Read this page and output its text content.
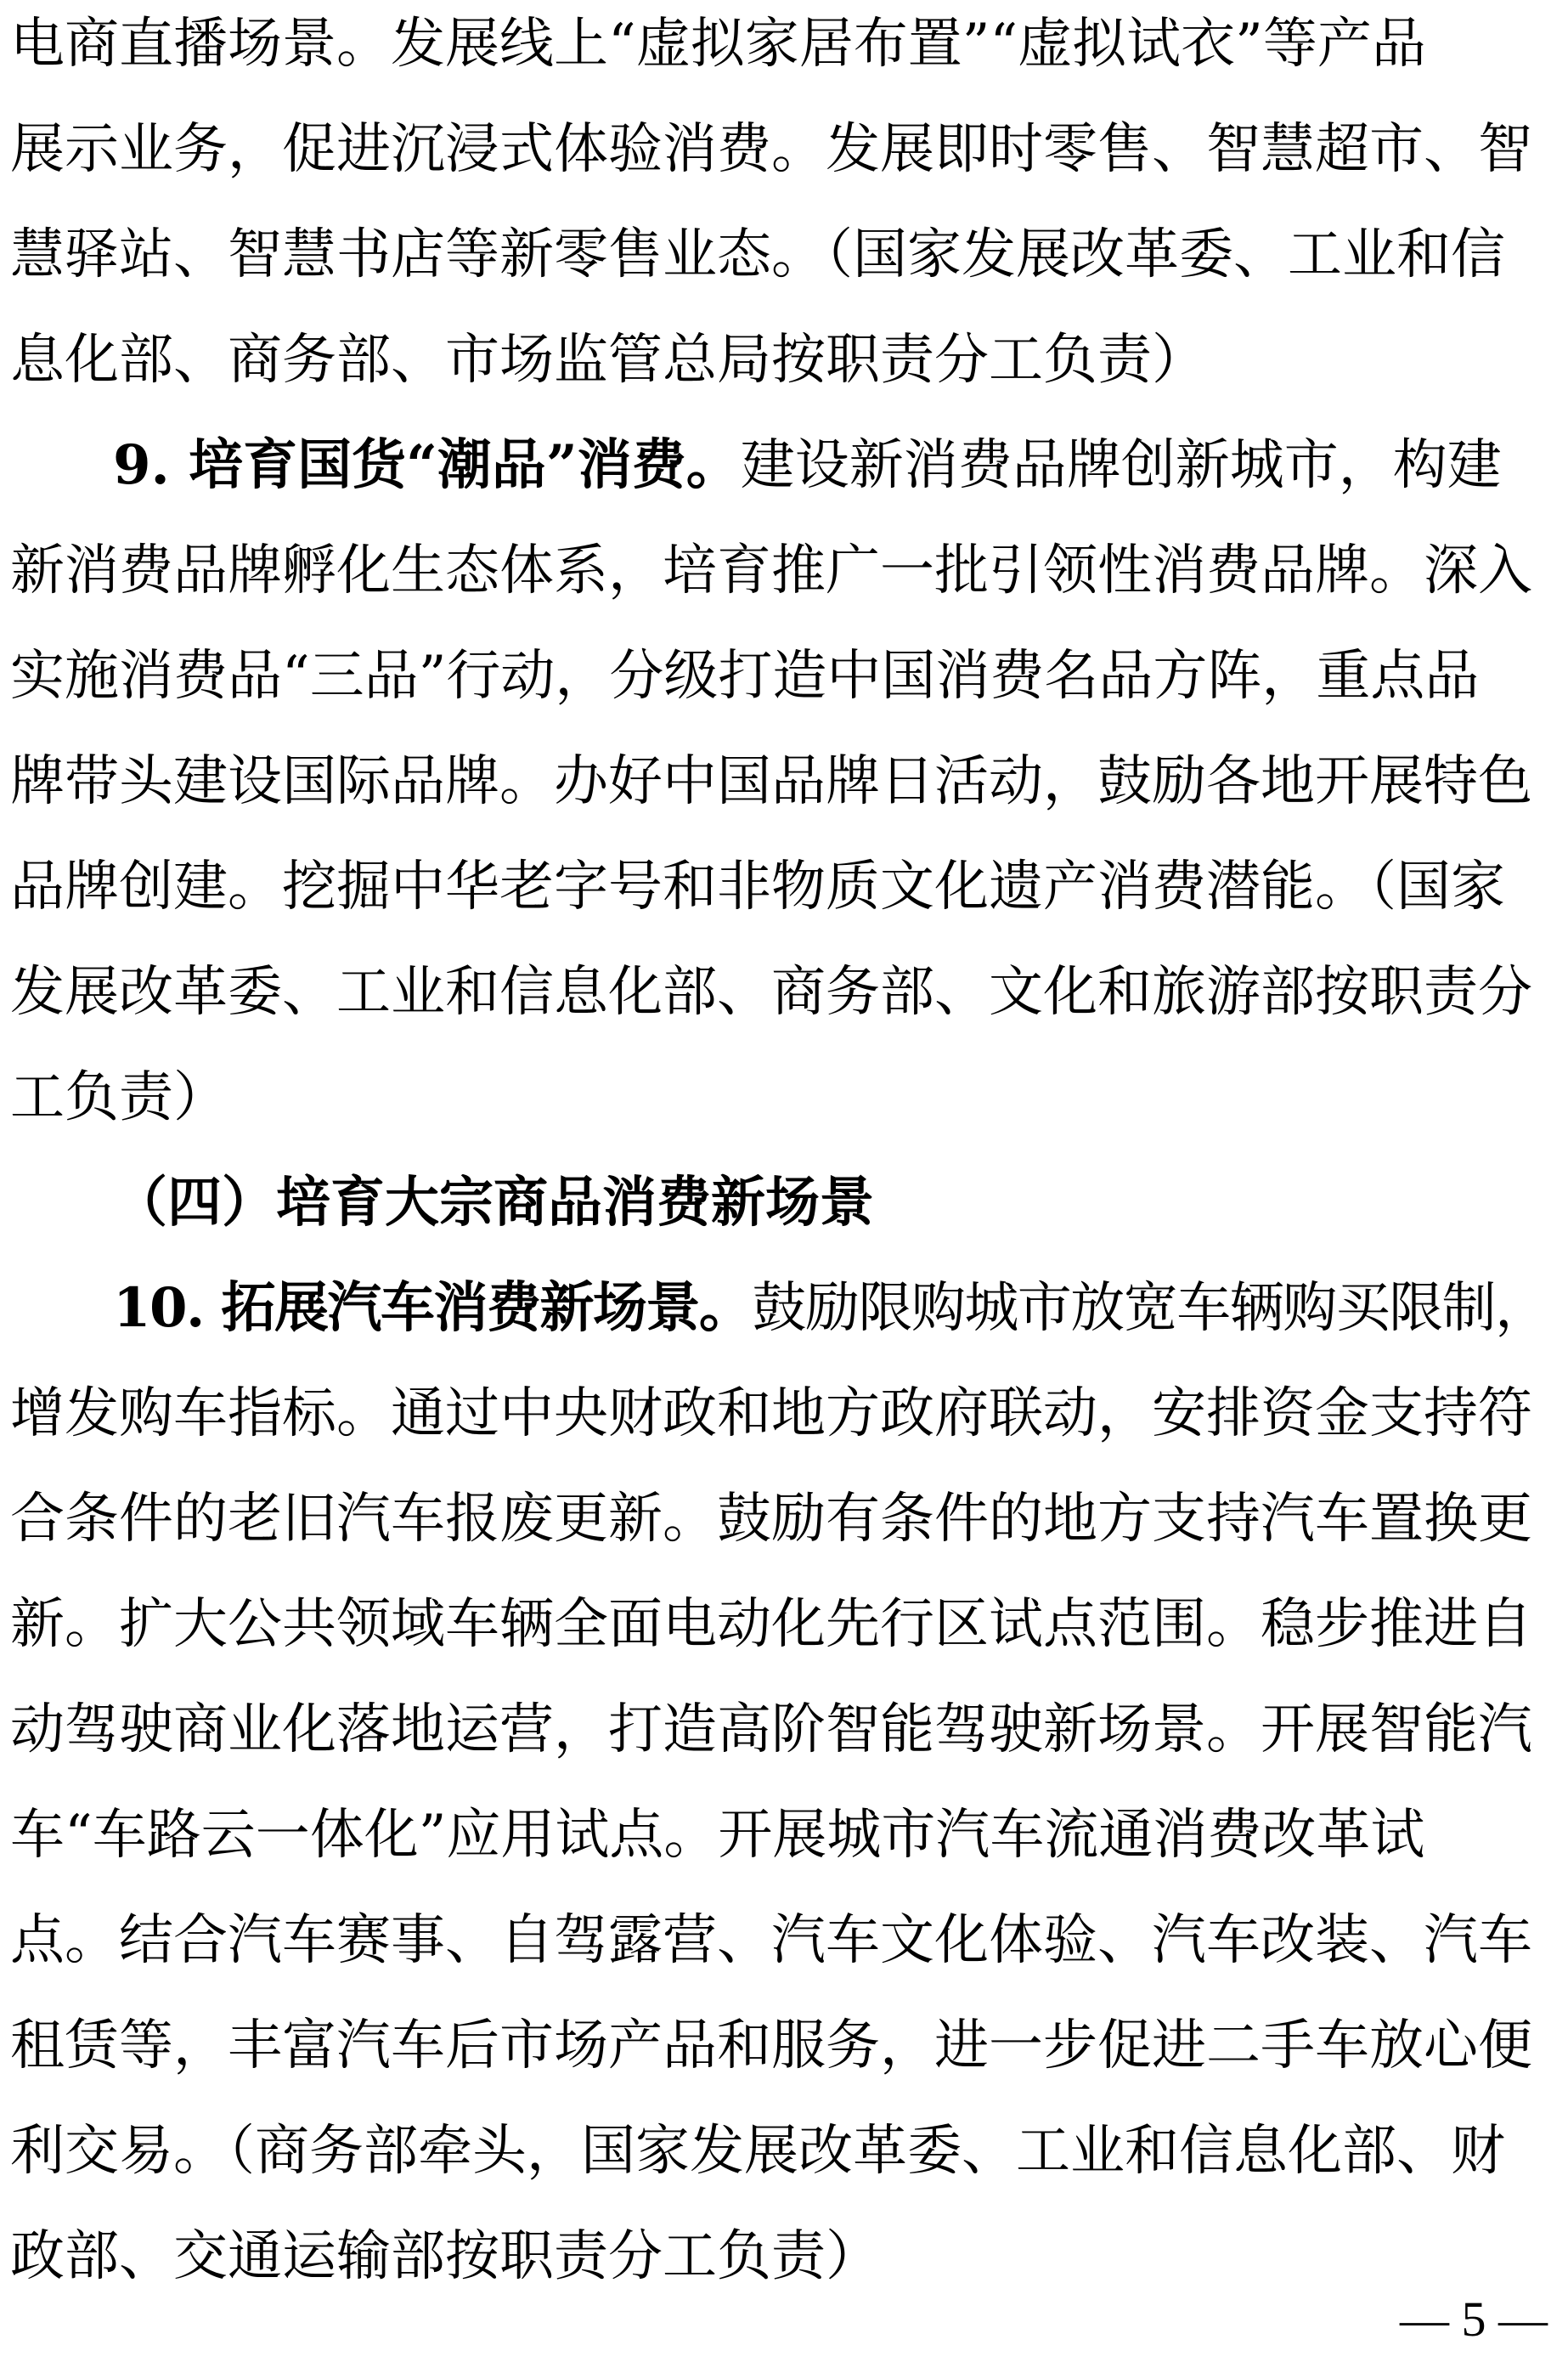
电商直播场景。发展线上“虚拟家居布置”“虚拟试衣”等产品
展示业务，促进沉浸式体验消费。发展即时零售、智慧超市、智
慧驿站、智慧书店等新零售业态。（国家发展改革委、工业和信
息化部、商务部、市场监管总局按职责分工负责）
9. 培育国货“潮品”消费。建设新消费品牌创新城市，构建
新消费品牌孵化生态体系，培育推广一批引领性消费品牌。深入
实施消费品“三品”行动，分级打造中国消费名品方阵，重点品
牌带头建设国际品牌。办好中国品牌日活动，鼓励各地开展特色
品牌创建。挖掘中华老字号和非物质文化遗产消费潜能。（国家
发展改革委、工业和信息化部、商务部、文化和旅游部按职责分
工负责）
（四）培育大宗商品消费新场景
10. 拓展汽车消费新场景。鼓励限购城市放宽车辆购买限制，
增发购车指标。通过中央财政和地方政府联动，安排资金支持符
合条件的老旧汽车报废更新。鼓励有条件的地方支持汽车置换更
新。扩大公共领域车辆全面电动化先行区试点范围。稳步推进自
动驾驶商业化落地运营，打造高阶智能驾驶新场景。开展智能汽
车“车路云一体化”应用试点。开展城市汽车流通消费改革试
点。结合汽车赛事、自驾露营、汽车文化体验、汽车改装、汽车
租赁等，丰富汽车后市场产品和服务，进一步促进二手车放心便
利交易。（商务部牵头，国家发展改革委、工业和信息化部、财
政部、交通运输部按职责分工负责）
— 5 —
